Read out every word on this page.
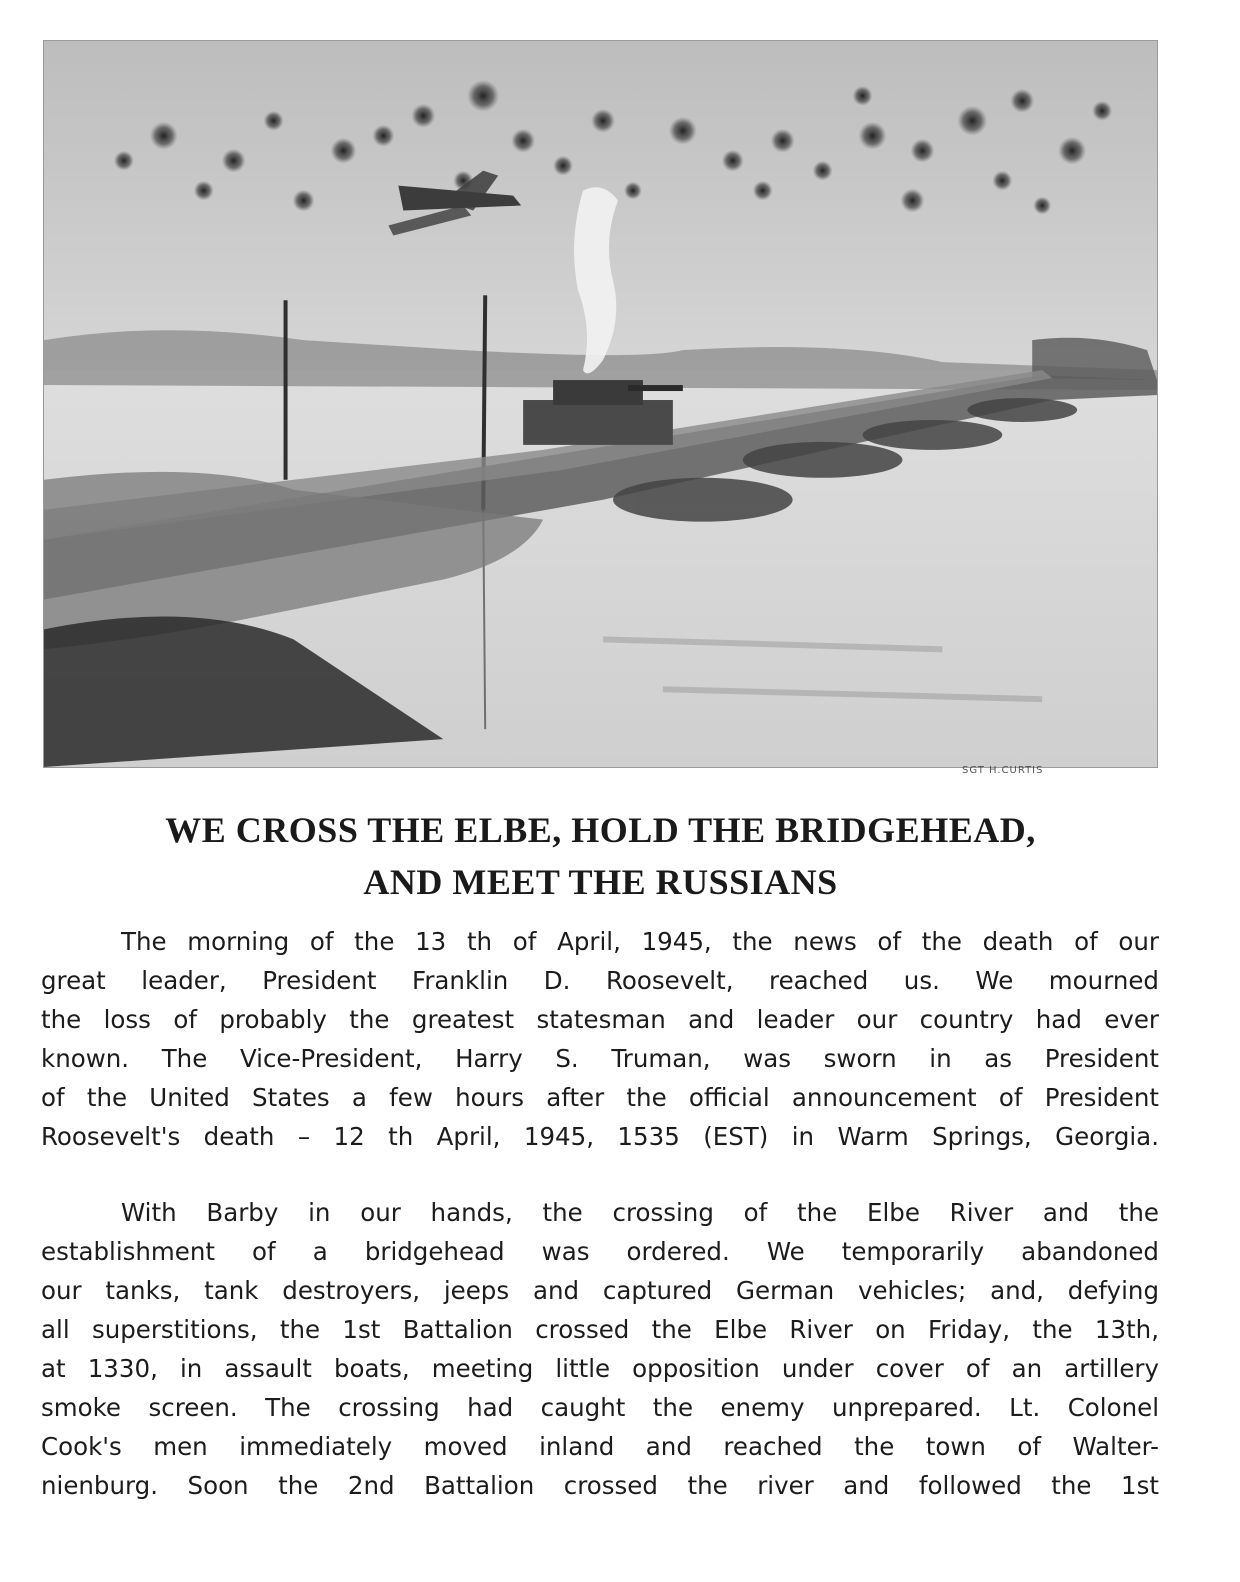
SGT H.CURTIS
WE CROSS THE ELBE, HOLD THE BRIDGEHEAD,
AND MEET THE RUSSIANS

The morning of the 13 th of April, 1945, the news of the death of our
great leader, President Franklin D. Roosevelt, reached us. We mourned
the loss of probably the greatest statesman and leader our country had ever
known. The Vice-President, Harry S. Truman, was sworn in as President
of the United States a few hours after the official announcement of President
Roosevelt's death – 12 th April, 1945, 1535 (EST) in Warm Springs, Georgia.

With Barby in our hands, the crossing of the Elbe River and the
establishment of a bridgehead was ordered. We temporarily abandoned
our tanks, tank destroyers, jeeps and captured German vehicles; and, defying
all superstitions, the 1st Battalion crossed the Elbe River on Friday, the 13th,
at 1330, in assault boats, meeting little opposition under cover of an artillery
smoke screen. The crossing had caught the enemy unprepared. Lt. Colonel
Cook's men immediately moved inland and reached the town of Walter-
nienburg. Soon the 2nd Battalion crossed the river and followed the 1st
